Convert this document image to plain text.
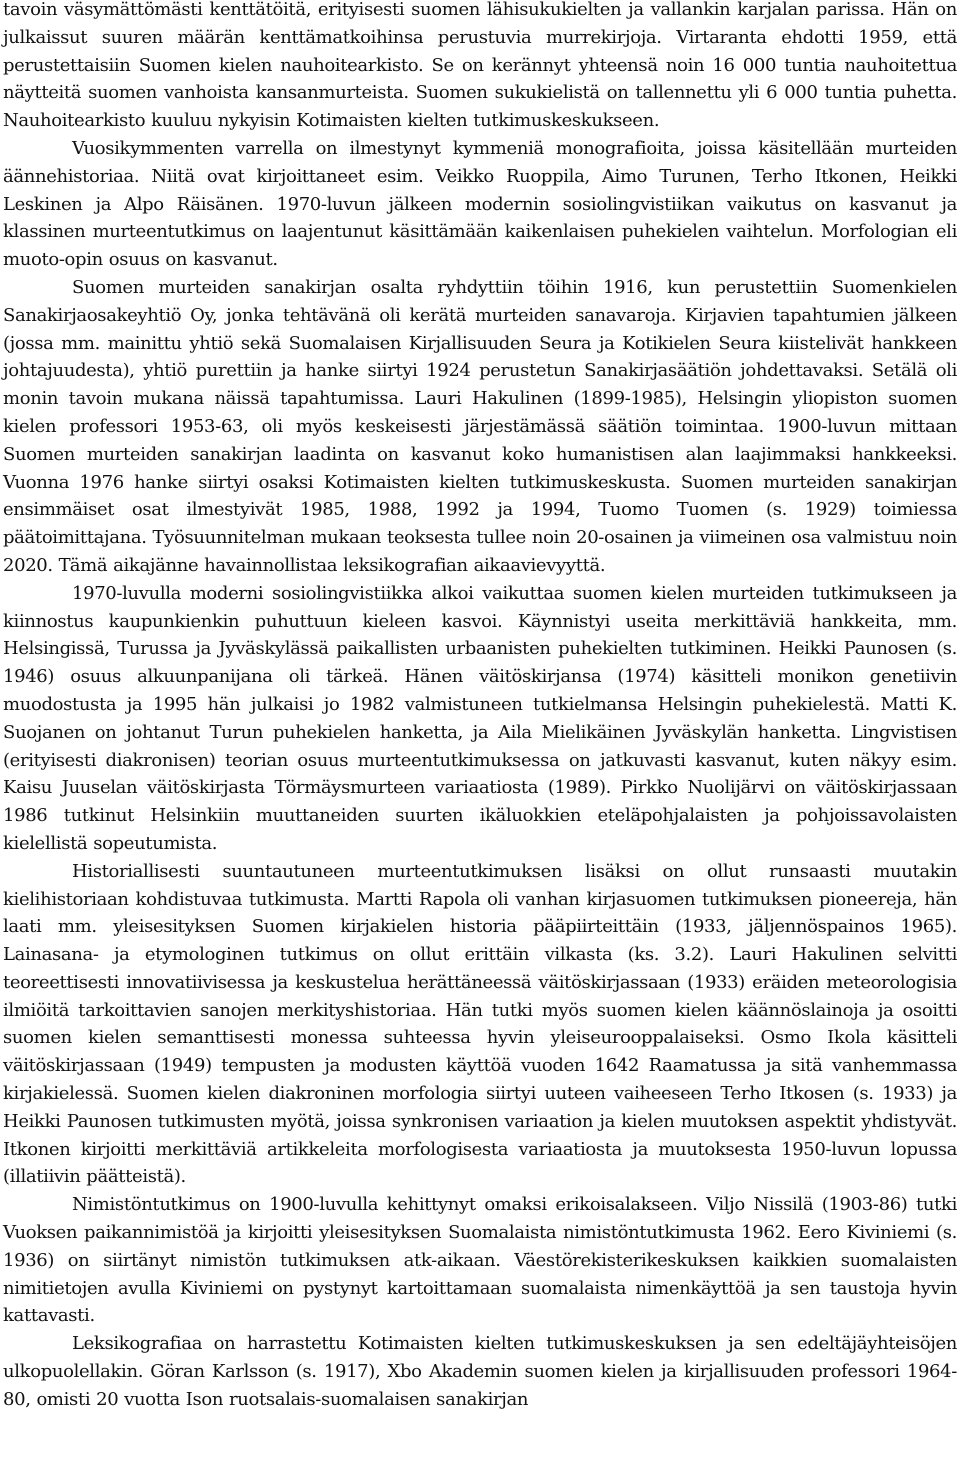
tavoin väsymättömästi kenttätöitä, erityisesti suomen lähisukukielten ja vallankin karjalan parissa. Hän on julkaissut suuren määrän kenttämatkoihinsa perustuvia murrekirjoja. Virtaranta ehdotti 1959, että perustettaisiin Suomen kielen nauhoitearkisto. Se on kerännyt yhteensä noin 16 000 tuntia nauhoitettua näytteitä suomen vanhoista kansanmurteista. Suomen sukukielistä on tallennettu yli 6 000 tuntia puhetta. Nauhoitearkisto kuuluu nykyisin Kotimaisten kielten tutkimuskeskukseen.

Vuosikymmenten varrella on ilmestynyt kymmeniä monografioita, joissa käsitellään murteiden äännehistoriaa. Niitä ovat kirjoittaneet esim. Veikko Ruoppila, Aimo Turunen, Terho Itkonen, Heikki Leskinen ja Alpo Räisänen. 1970-luvun jälkeen modernin sosiolingvistiikan vaikutus on kasvanut ja klassinen murteentutkimus on laajentunut käsittämään kaikenlaisen puhekielen vaihtelun. Morfologian eli muoto-opin osuus on kasvanut.

Suomen murteiden sanakirjan osalta ryhdyttiin töihin 1916, kun perustettiin Suomenkielen Sanakirjaosakeyhtiö Oy, jonka tehtävänä oli kerätä murteiden sanavaroja. Kirjavien tapahtumien jälkeen (jossa mm. mainittu yhtiö sekä Suomalaisen Kirjallisuuden Seura ja Kotikielen Seura kiistelivät hankkeen johtajuudesta), yhtiö purettiin ja hanke siirtyi 1924 perustetun Sanakirjasäätiön johdettavaksi. Setälä oli monin tavoin mukana näissä tapahtumissa. Lauri Hakulinen (1899-1985), Helsingin yliopiston suomen kielen professori 1953-63, oli myös keskeisesti järjestämässä säätiön toimintaa. 1900-luvun mittaan Suomen murteiden sanakirjan laadinta on kasvanut koko humanistisen alan laajimmaksi hankkeeksi. Vuonna 1976 hanke siirtyi osaksi Kotimaisten kielten tutkimuskeskusta. Suomen murteiden sanakirjan ensimmäiset osat ilmestyivät 1985, 1988, 1992 ja 1994, Tuomo Tuomen (s. 1929) toimiessa päätoimittajana. Työsuunnitelman mukaan teoksesta tullee noin 20-osainen ja viimeinen osa valmistuu noin 2020. Tämä aikajänne havainnollistaa leksikografian aikaavievyyttä.

1970-luvulla moderni sosiolingvistiikka alkoi vaikuttaa suomen kielen murteiden tutkimukseen ja kiinnostus kaupunkienkin puhuttuun kieleen kasvoi. Käynnistyi useita merkittäviä hankkeita, mm. Helsingissä, Turussa ja Jyväskylässä paikallisten urbaanisten puhekielten tutkiminen. Heikki Paunosen (s. 1946) osuus alkuunpanijana oli tärkeä. Hänen väitöskirjansa (1974) käsitteli monikon genetiivin muodostusta ja 1995 hän julkaisi jo 1982 valmistuneen tutkielmansa Helsingin puhekielestä. Matti K. Suojanen on johtanut Turun puhekielen hanketta, ja Aila Mielikäinen Jyväskylän hanketta. Lingvistisen (erityisesti diakronisen) teorian osuus murteentutkimuksessa on jatkuvasti kasvanut, kuten näkyy esim. Kaisu Juuselan väitöskirjasta Törmäysmurteen variaatiosta (1989). Pirkko Nuolijärvi on väitöskirjassaan 1986 tutkinut Helsinkiin muuttaneiden suurten ikäluokkien eteläpohjalaisten ja pohjoissavolaisten kielellistä sopeutumista.

Historiallisesti suuntautuneen murteentutkimuksen lisäksi on ollut runsaasti muutakin kielihistoriaan kohdistuvaa tutkimusta. Martti Rapola oli vanhan kirjasuomen tutkimuksen pioneereja, hän laati mm. yleisesityksen Suomen kirjakielen historia pääpiirteittäin (1933, jäljennöspainos 1965). Lainasana- ja etymologinen tutkimus on ollut erittäin vilkasta (ks. 3.2). Lauri Hakulinen selvitti teoreettisesti innovatiivisessa ja keskustelua herättäneessä väitöskirjassaan (1933) eräiden meteorologisia ilmiöitä tarkoittavien sanojen merkityshistoriaa. Hän tutki myös suomen kielen käännöslainoja ja osoitti suomen kielen semanttisesti monessa suhteessa hyvin yleiseurooppalaiseksi. Osmo Ikola käsitteli väitöskirjassaan (1949) tempusten ja modusten käyttöä vuoden 1642 Raamatussa ja sitä vanhemmassa kirjakielessä. Suomen kielen diakroninen morfologia siirtyi uuteen vaiheeseen Terho Itkosen (s. 1933) ja Heikki Paunosen tutkimusten myötä, joissa synkronisen variaation ja kielen muutoksen aspektit yhdistyvät. Itkonen kirjoitti merkittäviä artikkeleita morfologisesta variaatiosta ja muutoksesta 1950-luvun lopussa (illatiivin päätteistä).

Nimistöntutkimus on 1900-luvulla kehittynyt omaksi erikoisalakseen. Viljo Nissilä (1903-86) tutki Vuoksen paikannimistöä ja kirjoitti yleisesityksen Suomalaista nimistöntutkimusta 1962. Eero Kiviniemi (s. 1936) on siirtänyt nimistön tutkimuksen atk-aikaan. Väestörekisterikeskuksen kaikkien suomalaisten nimitietojen avulla Kiviniemi on pystynyt kartoittamaan suomalaista nimenkäyttöä ja sen taustoja hyvin kattavasti.

Leksikografiaa on harrastettu Kotimaisten kielten tutkimuskeskuksen ja sen edeltäjäyhteisöjen ulkopuolellakin. Göran Karlsson (s. 1917), Xbo Akademin suomen kielen ja kirjallisuuden professori 1964-80, omisti 20 vuotta Ison ruotsalais-suomalaisen sanakirjan
